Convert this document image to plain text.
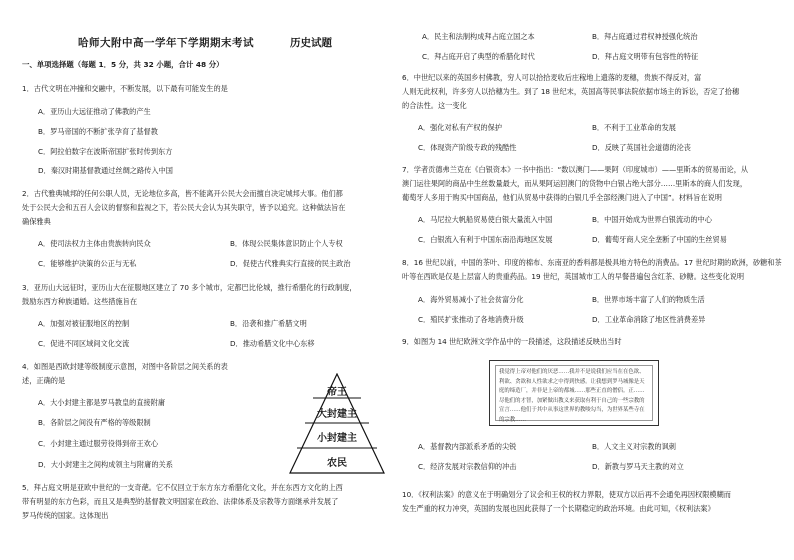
哈师大附中高一学年下学期期末考试	历史试题
一、单项选择题（每题 1．5 分，共 32 小题，合计 48 分）
1．古代文明在冲撞和交融中，不断发展，以下最有可能发生的是
A．亚历山大远征推动了佛教的产生
B．罗马帝国的不断扩张孕育了基督教
C．阿拉伯数字在波斯帝国扩张时传到东方
D．秦汉时期基督教通过丝绸之路传入中国
2．古代雅典城邦的任何公职人员，无论地位多高，皆不能离开公民大会而擅自决定城邦大事。他们都
处于公民大会和五百人会议的督察和监视之下，若公民大会认为其失职守，皆予以追究。这种做法旨在
确保雅典
A．使司法权力主体由贵族转向民众	B．体现公民集体意识防止个人专权
C．能够维护决策的公正与无私	D．促使古代雅典实行直接的民主政治
3．亚历山大远征时，亚历山大在征服地区建立了 70 多个城市，定都巴比伦城，推行希腊化的行政制度，
鼓励东西方种族通婚。这些措施旨在
A．加强对被征服地区的控制	B．沿袭和推广希腊文明
C．促进不同区域间文化交流	D．推动希腊文化中心东移
4．如图是西欧封建等级制度示意图，对图中各阶层之间关系的表
述，正确的是
A．大小封建主都是罗马教皇的直接附庸
B．各阶层之间没有严格的等级限制
C．小封建主通过服劳役得到帝王欢心
D．大小封建主之间构成领主与附庸的关系
5．拜占庭文明是亚欧中世纪的一支奇葩。它不仅回立于东方东方希腊化文化，并在东西方文化的上西
带有明显的东方色彩，而且又是典型的基督教文明国家在政治、法律体系及宗教等方面继承并发展了
罗马传统的国家。这体现出
帝王
大封建主
小封建主
农民
A．民主和法制构成拜占庭立国之本	B．拜占庭通过君权神授强化统治
C．拜占庭开启了典型的希腊化时代	D．拜占庭文明带有包容性的特征
6．中世纪以来的英国乡村佛教，穷人可以拾拾麦收后庄稼地上遗落的麦穗，贵族不得反对，富
人则无此权利，许多穷人以拾穗为生。到了 18 世纪末，英国高等民事法院依据市场主的诉讼，否定了拾穗
的合法性。这一变化
A．强化对私有产权的保护	B．不利于工业革命的发展
C．体现资产阶级专政的残酷性	D．反映了英国社会道德的沦丧
7．学者贡德弗兰克在《白银资本》一书中指出：“数以澳门——果阿（印度城市）——里斯本的贸易而论，从
澳门运往果阿的商品中生丝数量最大，而从果阿运回澳门的货物中白银占绝大部分……里斯本的商人们发现，
葡萄牙人多用于购买中国商品，他们从贸易中获得的白银几乎全部经澳门进入了中国”。材料旨在说明
A．马尼拉大帆船贸易使白银大量流入中国	B．中国开始成为世界白银流动的中心
C．白银流入有利于中国东南沿海地区发展	D．葡萄牙商人完全垄断了中国的生丝贸易
8．16 世纪以前，中国的茶叶、印度的棉布、东南亚的香料都是极具地方特色的消费品。17 世纪时期的欧洲，砂糖和茶
叶等在西欧是仅是上层富人的贵重药品。19 世纪，英国城市工人的早餐普遍包含红茶、砂糖。这些变化说明
A．海外贸易减小了社会贫富分化	B．世界市场丰富了人们的物质生活
C．殖民扩张推动了各地消费升级	D．工业革命消除了地区性消费差异
9．如图为 14 世纪欧洲文学作品中的一段描述，这段描述反映出当时
A．基督教内部派系矛盾的尖锐	B．人文主义对宗教的讽刺
C．经济发展对宗教信仰的冲击	D．新教与罗马天主教的对立
10．《权利法案》的意义在于明确划分了议会和王权的权力界限，使双方以后再不会通免再因权限模糊而
发生严重的权力冲突，英国的发展也因此获得了一个长期稳定的政治环境。由此可知，《权利法案》
我觉得上帝对他们的厌恶……我并不是说我们应当在在色欲、利欲、贪欲和人性欲求之中得到快感。让我想到罗马城像是天庭的缔造厂，并非是上帝的都城……那些正直的僧侣。正……尽他们的才智，加紧做出教义来获取有利于自己的一些宗教的宣言……他们于其中从事这世界的教唆勾当，为世界某些寺在的宗教……
